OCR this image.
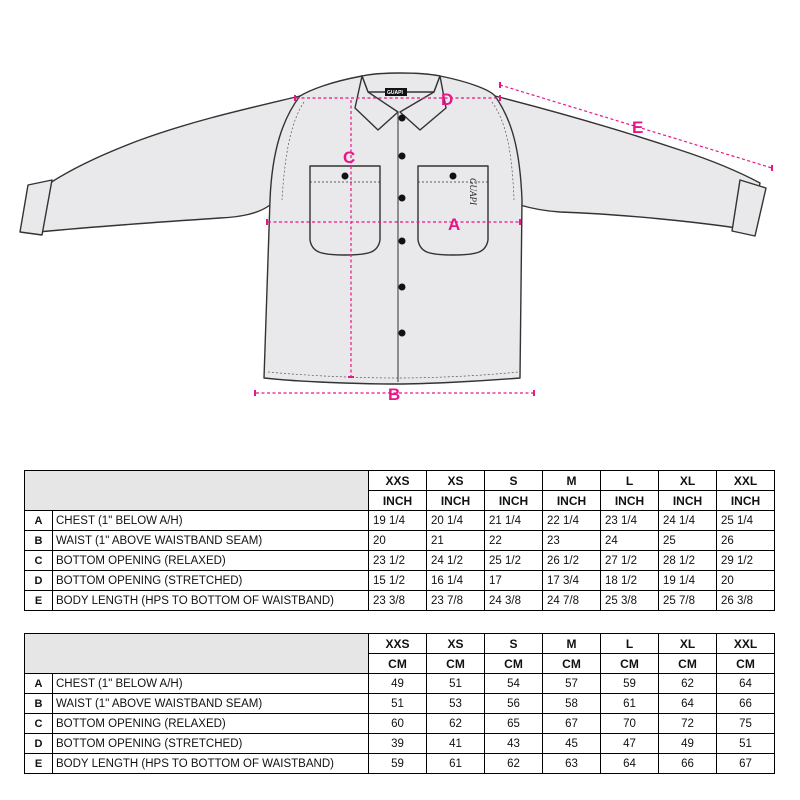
GUAPI
GUAPI
A
B
C
D
E
		XXS	XS	S	M	L	XL	XXL
		INCH	INCH	INCH	INCH	INCH	INCH	INCH
A	CHEST (1" BELOW A/H)	19 1/4	20 1/4	21 1/4	22 1/4	23 1/4	24 1/4	25 1/4
B	WAIST (1" ABOVE WAISTBAND SEAM)	20	21	22	23	24	25	26
C	BOTTOM OPENING (RELAXED)	23 1/2	24 1/2	25 1/2	26 1/2	27 1/2	28 1/2	29 1/2
D	BOTTOM OPENING (STRETCHED)	15 1/2	16 1/4	17	17 3/4	18 1/2	19 1/4	20
E	BODY LENGTH (HPS TO BOTTOM OF WAISTBAND)	23 3/8	23 7/8	24 3/8	24 7/8	25 3/8	25 7/8	26 3/8
		XXS	XS	S	M	L	XL	XXL
		CM	CM	CM	CM	CM	CM	CM
A	CHEST (1" BELOW A/H)	49	51	54	57	59	62	64
B	WAIST (1" ABOVE WAISTBAND SEAM)	51	53	56	58	61	64	66
C	BOTTOM OPENING (RELAXED)	60	62	65	67	70	72	75
D	BOTTOM OPENING (STRETCHED)	39	41	43	45	47	49	51
E	BODY LENGTH (HPS TO BOTTOM OF WAISTBAND)	59	61	62	63	64	66	67
